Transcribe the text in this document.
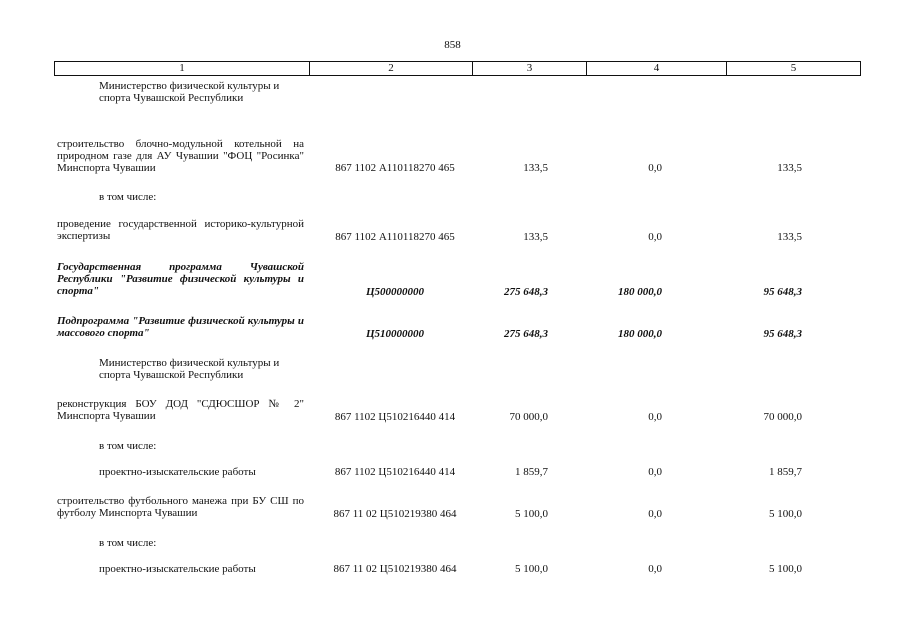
858
1	2	3	4	5
Министерство физической культуры и спорта Чувашской Республики
строительство блочно-модульной котельной на природном газе для АУ Чувашии "ФОЦ "Росинка" Минспорта Чувашии	867 1102 А110118270 465	133,5	0,0	133,5
в том числе:
проведение государственной историко-культурной экспертизы	867 1102 А110118270 465	133,5	0,0	133,5
Государственная программа Чувашской Республики "Развитие физической культуры и спорта"	Ц500000000	275 648,3	180 000,0	95 648,3
Подпрограмма "Развитие физической культуры и массового спорта"	Ц510000000	275 648,3	180 000,0	95 648,3
Министерство физической культуры и спорта Чувашской Республики
реконструкция БОУ ДОД "СДЮСШОР № 2" Минспорта Чувашии	867 1102 Ц510216440 414	70 000,0	0,0	70 000,0
в том числе:
проектно-изыскательские работы	867 1102 Ц510216440 414	1 859,7	0,0	1 859,7
строительство футбольного манежа при БУ СШ по футболу Минспорта Чувашии	867 11 02 Ц510219380 464	5 100,0	0,0	5 100,0
в том числе:
проектно-изыскательские работы	867 11 02 Ц510219380 464	5 100,0	0,0	5 100,0
